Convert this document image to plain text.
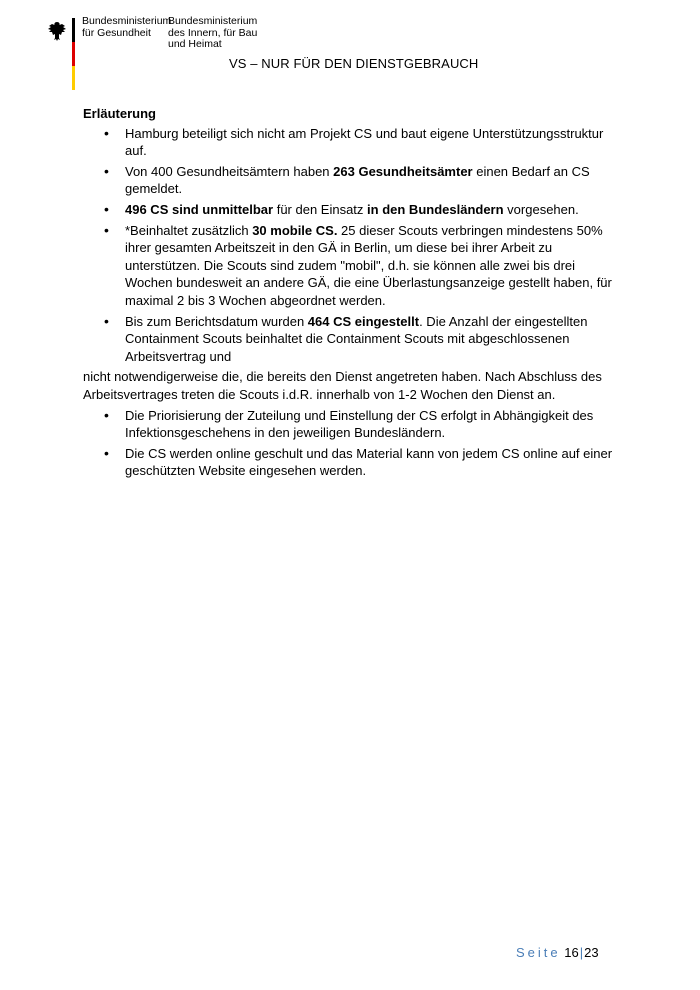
Bundesministerium
für Gesundheit
Bundesministerium
des Innern, für Bau
und Heimat
VS – NUR FÜR DEN DIENSTGEBRAUCH
Erläuterung
• Hamburg beteiligt sich nicht am Projekt CS und baut eigene Unterstützungsstruktur auf.
• Von 400 Gesundheitsämtern haben 263 Gesundheitsämter einen Bedarf an CS gemeldet.
• 496 CS sind unmittelbar für den Einsatz in den Bundesländern vorgesehen.
• *Beinhaltet zusätzlich 30 mobile CS. 25 dieser Scouts verbringen mindestens 50% ihrer gesamten Arbeitszeit in den GÄ in Berlin, um diese bei ihrer Arbeit zu unterstützen. Die Scouts sind zudem "mobil", d.h. sie können alle zwei bis drei Wochen bundesweit an andere GÄ, die eine Überlastungsanzeige gestellt haben, für maximal 2 bis 3 Wochen abgeordnet werden.
• Bis zum Berichtsdatum wurden 464 CS eingestellt. Die Anzahl der eingestellten Containment Scouts beinhaltet die Containment Scouts mit abgeschlossenen Arbeitsvertrag und
nicht notwendigerweise die, die bereits den Dienst angetreten haben. Nach Abschluss des Arbeitsvertrages treten die Scouts i.d.R. innerhalb von 1-2 Wochen den Dienst an.
• Die Priorisierung der Zuteilung und Einstellung der CS erfolgt in Abhängigkeit des Infektionsgeschehens in den jeweiligen Bundesländern.
• Die CS werden online geschult und das Material kann von jedem CS online auf einer geschützten Website eingesehen werden.
Seite 16|23
